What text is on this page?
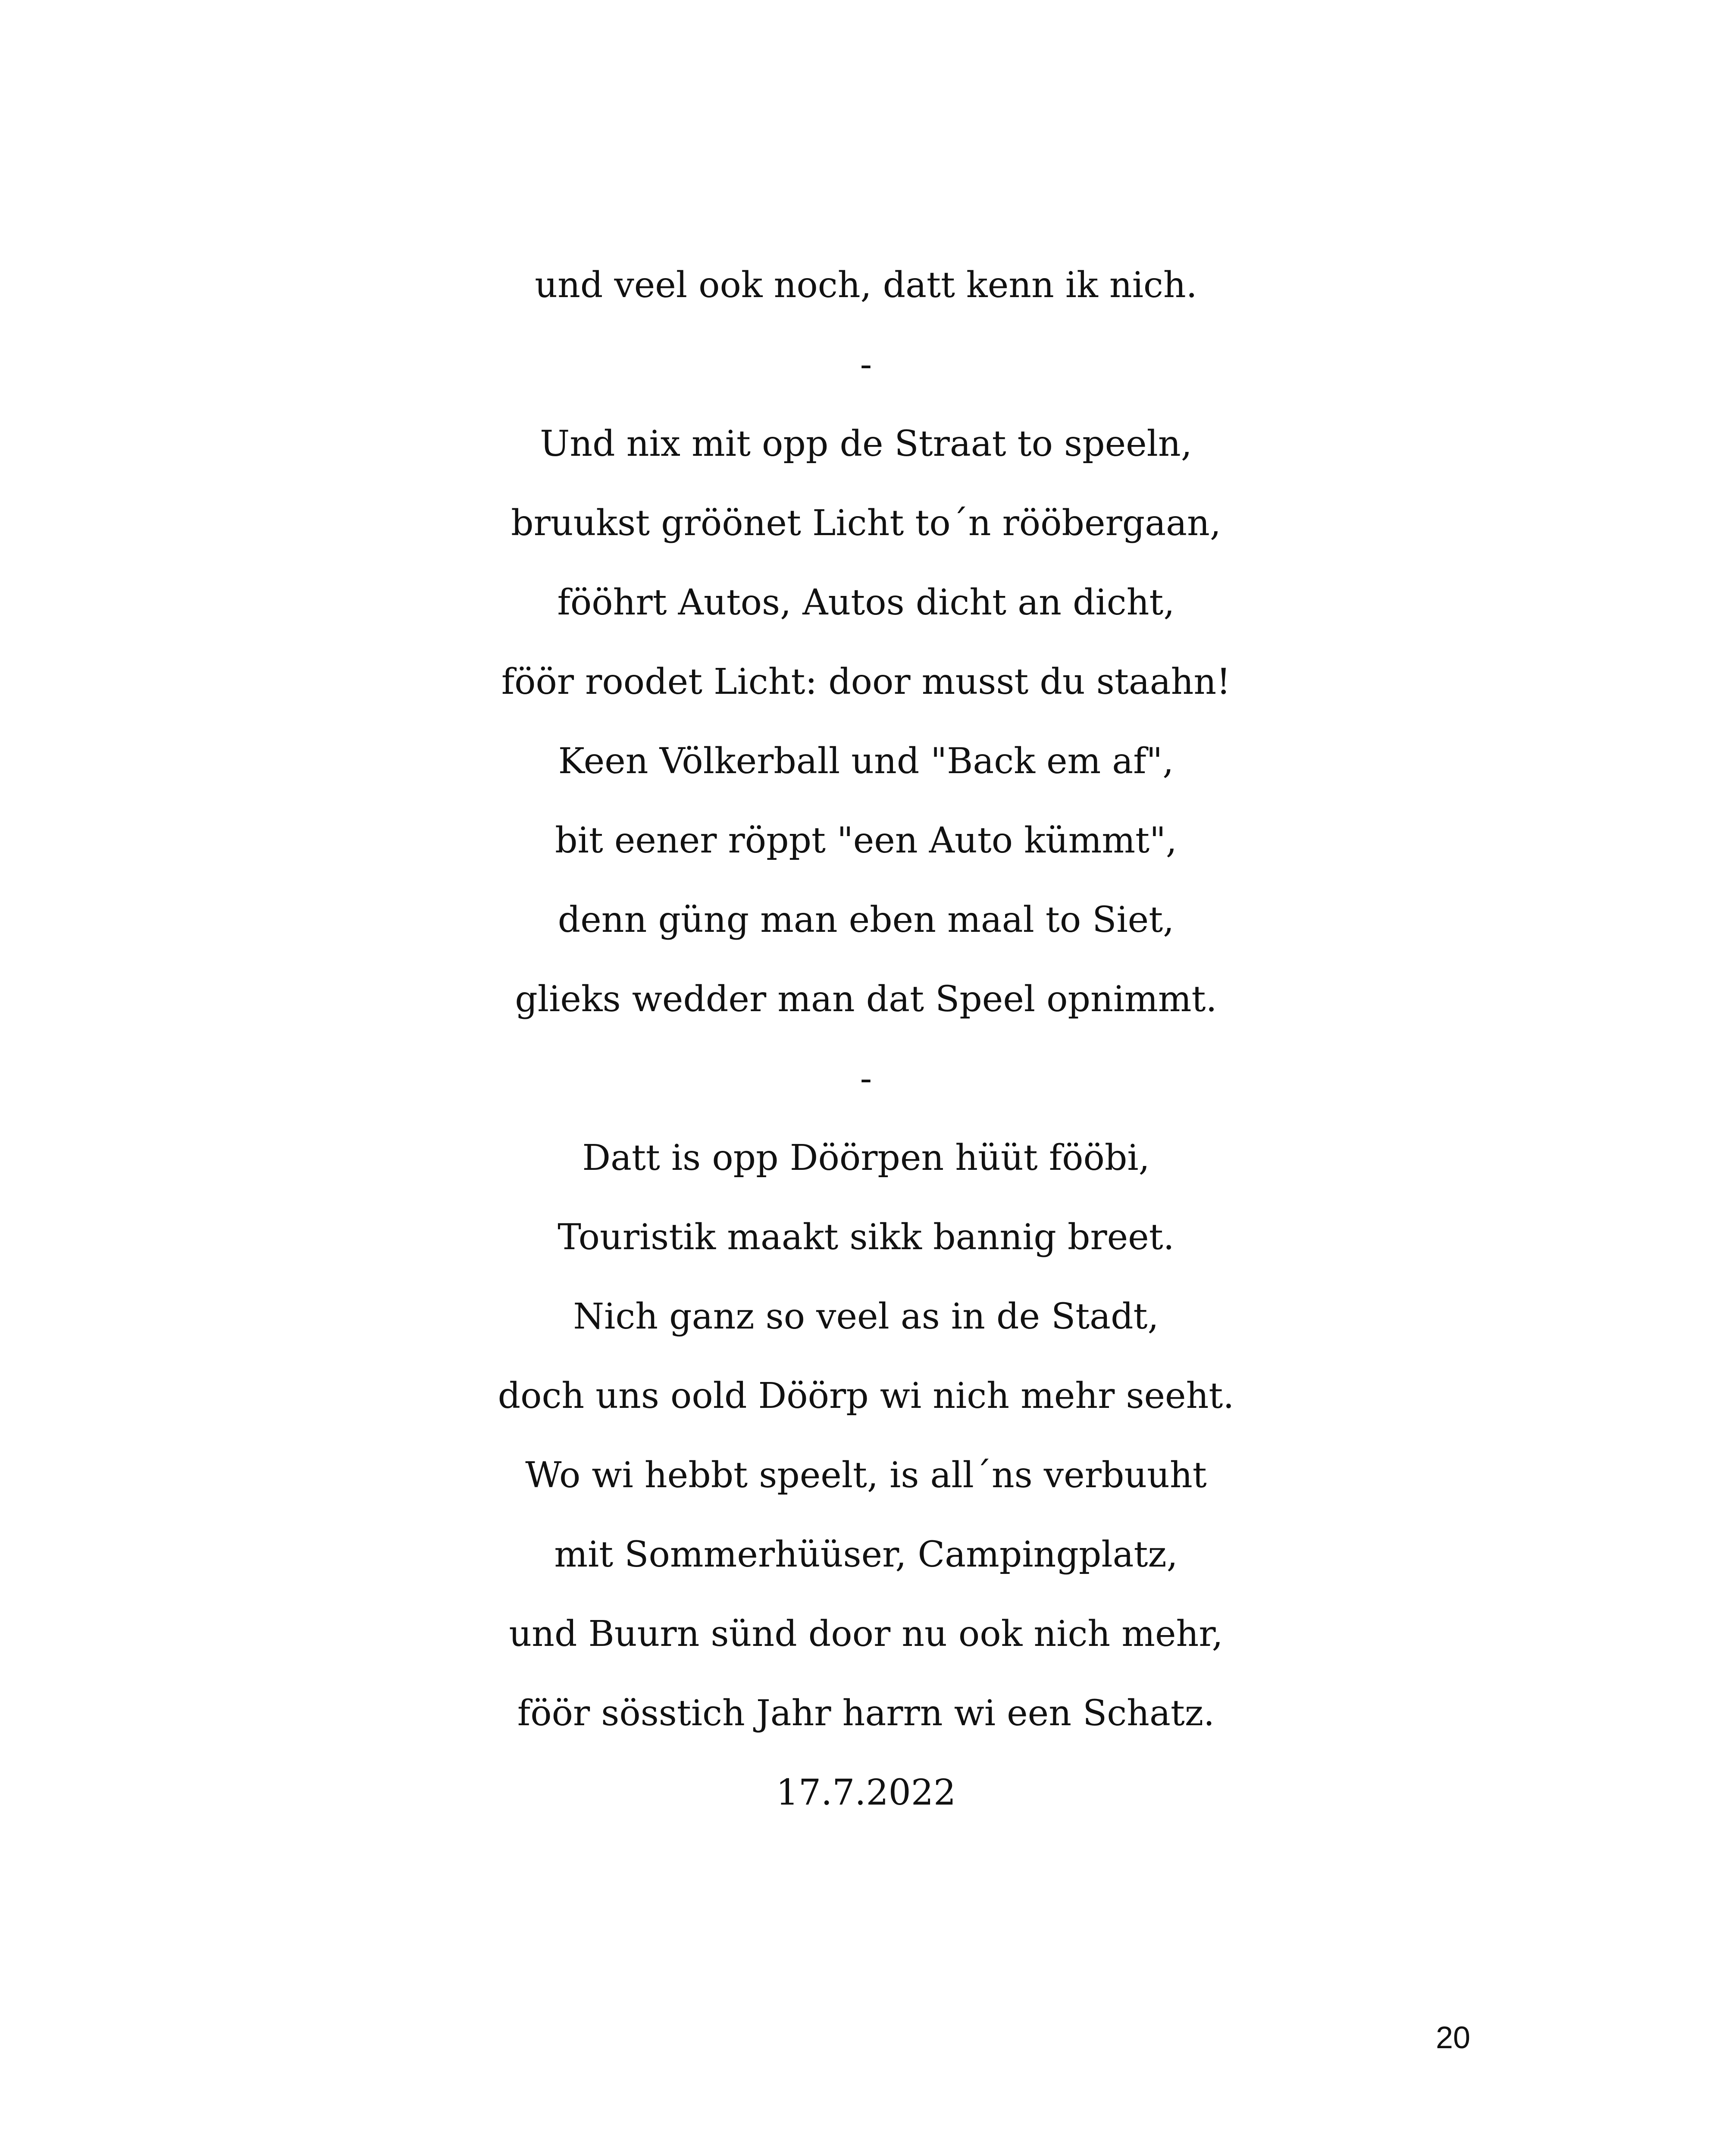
und veel ook noch, datt kenn ik nich.
-
Und nix mit opp de Straat to speeln,
bruukst gröönet Licht to´n rööbergaan,
fööhrt Autos, Autos dicht an dicht,
föör roodet Licht: door musst du staahn!
Keen Völkerball und "Back em af",
bit eener röppt "een Auto kümmt",
denn güng man eben maal to Siet,
glieks wedder man dat Speel opnimmt.
-
Datt is opp Döörpen hüüt fööbi,
Touristik maakt sikk bannig breet.
Nich ganz so veel as in de Stadt,
doch uns oold Döörp wi nich mehr seeht.
Wo wi hebbt speelt, is all´ns verbuuht
mit Sommerhüüser, Campingplatz,
und Buurn sünd door nu ook nich mehr,
föör sösstich Jahr harrn wi een Schatz.
17.7.2022
20
